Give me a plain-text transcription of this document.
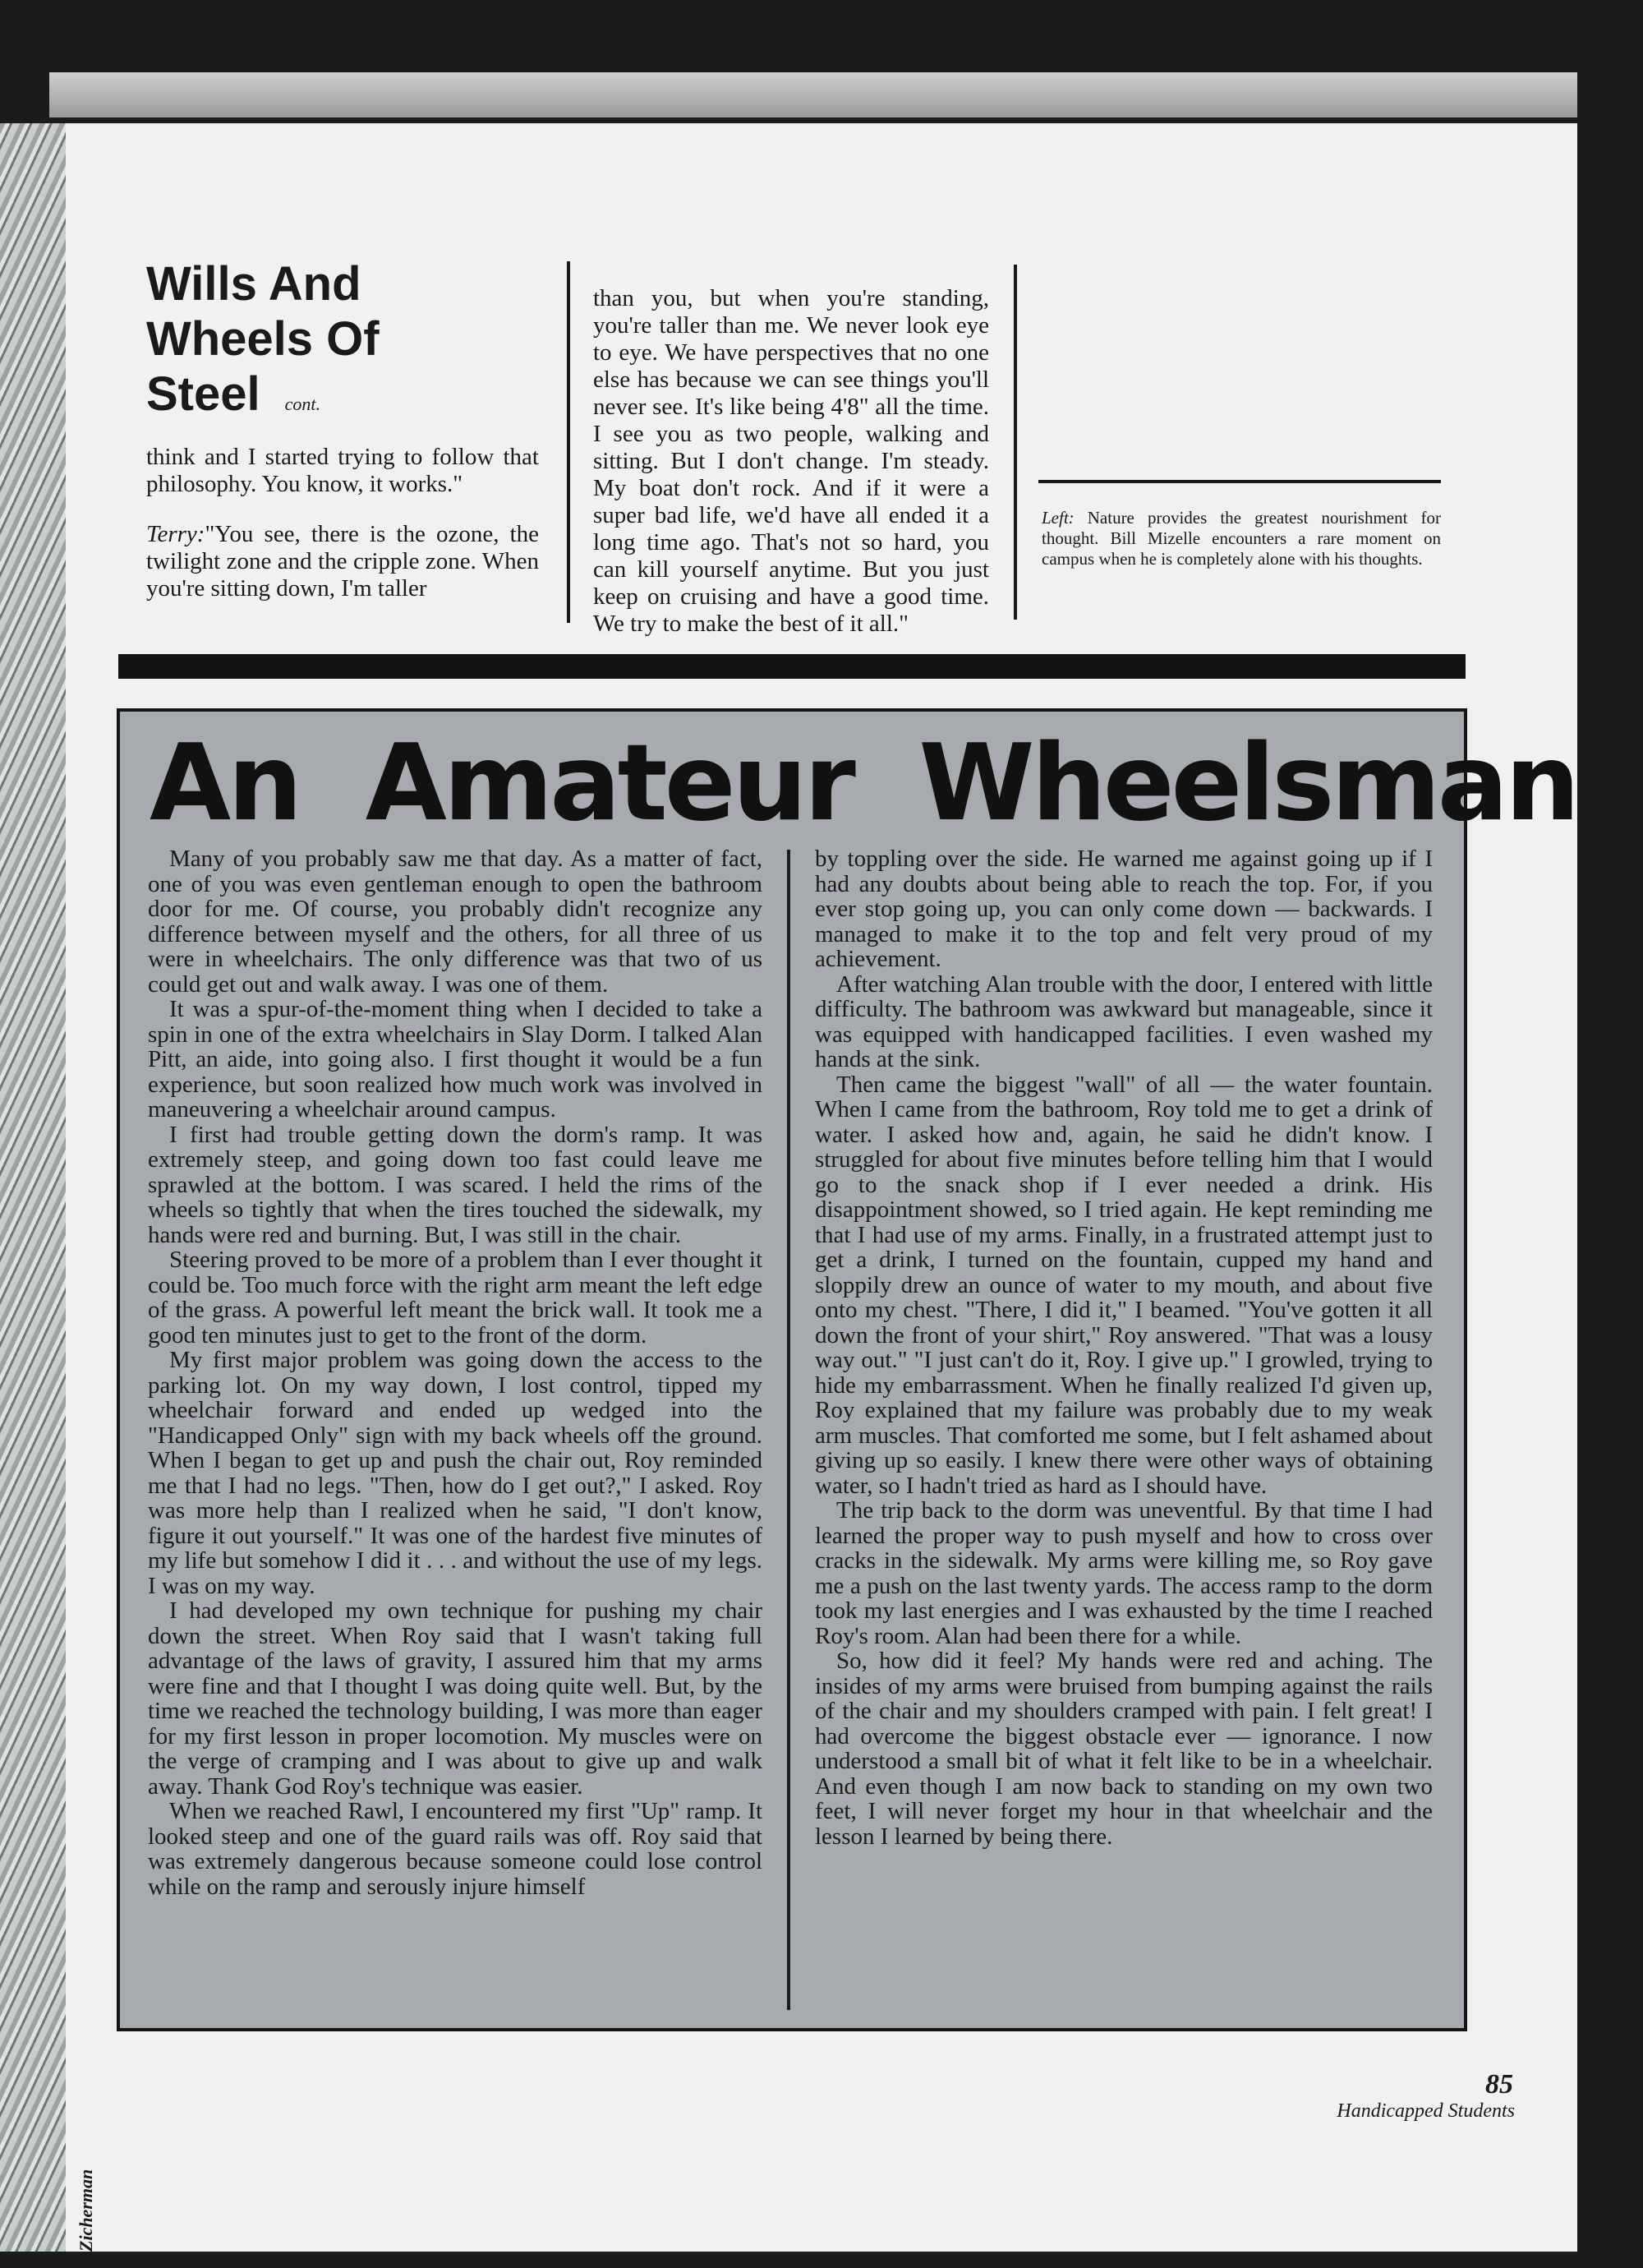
Wills And
Wheels Of
Steel cont.

think and I started trying to follow that philosophy. You know, it works."

Terry:"You see, there is the ozone, the twilight zone and the cripple zone. When you're sitting down, I'm taller

than you, but when you're standing, you're taller than me. We never look eye to eye. We have perspectives that no one else has because we can see things you'll never see. It's like being 4'8" all the time. I see you as two people, walking and sitting. But I don't change. I'm steady. My boat don't rock. And if it were a super bad life, we'd have all ended it a long time ago. That's not so hard, you can kill yourself anytime. But you just keep on cruising and have a good time. We try to make the best of it all."

Left: Nature provides the greatest nourishment for thought. Bill Mizelle encounters a rare moment on campus when he is completely alone with his thoughts.
An Amateur Wheelsman

Many of you probably saw me that day. As a matter of fact, one of you was even gentleman enough to open the bathroom door for me. Of course, you probably didn't recognize any difference between myself and the others, for all three of us were in wheelchairs. The only difference was that two of us could get out and walk away. I was one of them.

It was a spur-of-the-moment thing when I decided to take a spin in one of the extra wheelchairs in Slay Dorm. I talked Alan Pitt, an aide, into going also. I first thought it would be a fun experience, but soon realized how much work was involved in maneuvering a wheelchair around campus.

I first had trouble getting down the dorm's ramp. It was extremely steep, and going down too fast could leave me sprawled at the bottom. I was scared. I held the rims of the wheels so tightly that when the tires touched the sidewalk, my hands were red and burning. But, I was still in the chair.

Steering proved to be more of a problem than I ever thought it could be. Too much force with the right arm meant the left edge of the grass. A powerful left meant the brick wall. It took me a good ten minutes just to get to the front of the dorm.

My first major problem was going down the access to the parking lot. On my way down, I lost control, tipped my wheelchair forward and ended up wedged into the "Handicapped Only" sign with my back wheels off the ground. When I began to get up and push the chair out, Roy reminded me that I had no legs. "Then, how do I get out?," I asked. Roy was more help than I realized when he said, "I don't know, figure it out yourself." It was one of the hardest five minutes of my life but somehow I did it . . . and without the use of my legs. I was on my way.

I had developed my own technique for pushing my chair down the street. When Roy said that I wasn't taking full advantage of the laws of gravity, I assured him that my arms were fine and that I thought I was doing quite well. But, by the time we reached the technology building, I was more than eager for my first lesson in proper locomotion. My muscles were on the verge of cramping and I was about to give up and walk away. Thank God Roy's technique was easier.

When we reached Rawl, I encountered my first "Up" ramp. It looked steep and one of the guard rails was off. Roy said that was extremely dangerous because someone could lose control while on the ramp and serously injure himself

by toppling over the side. He warned me against going up if I had any doubts about being able to reach the top. For, if you ever stop going up, you can only come down — backwards. I managed to make it to the top and felt very proud of my achievement.

After watching Alan trouble with the door, I entered with little difficulty. The bathroom was awkward but manageable, since it was equipped with handicapped facilities. I even washed my hands at the sink.

Then came the biggest "wall" of all — the water fountain. When I came from the bathroom, Roy told me to get a drink of water. I asked how and, again, he said he didn't know. I struggled for about five minutes before telling him that I would go to the snack shop if I ever needed a drink. His disappointment showed, so I tried again. He kept reminding me that I had use of my arms. Finally, in a frustrated attempt just to get a drink, I turned on the fountain, cupped my hand and sloppily drew an ounce of water to my mouth, and about five onto my chest. "There, I did it," I beamed. "You've gotten it all down the front of your shirt," Roy answered. "That was a lousy way out." "I just can't do it, Roy. I give up." I growled, trying to hide my embarrassment. When he finally realized I'd given up, Roy explained that my failure was probably due to my weak arm muscles. That comforted me some, but I felt ashamed about giving up so easily. I knew there were other ways of obtaining water, so I hadn't tried as hard as I should have.

The trip back to the dorm was uneventful. By that time I had learned the proper way to push myself and how to cross over cracks in the sidewalk. My arms were killing me, so Roy gave me a push on the last twenty yards. The access ramp to the dorm took my last energies and I was exhausted by the time I reached Roy's room. Alan had been there for a while.

So, how did it feel? My hands were red and aching. The insides of my arms were bruised from bumping against the rails of the chair and my shoulders cramped with pain. I felt great! I had overcome the biggest obstacle ever — ignorance. I now understood a small bit of what it felt like to be in a wheelchair. And even though I am now back to standing on my own two feet, I will never forget my hour in that wheelchair and the lesson I learned by being there.

Zicherman
85
Handicapped Students
